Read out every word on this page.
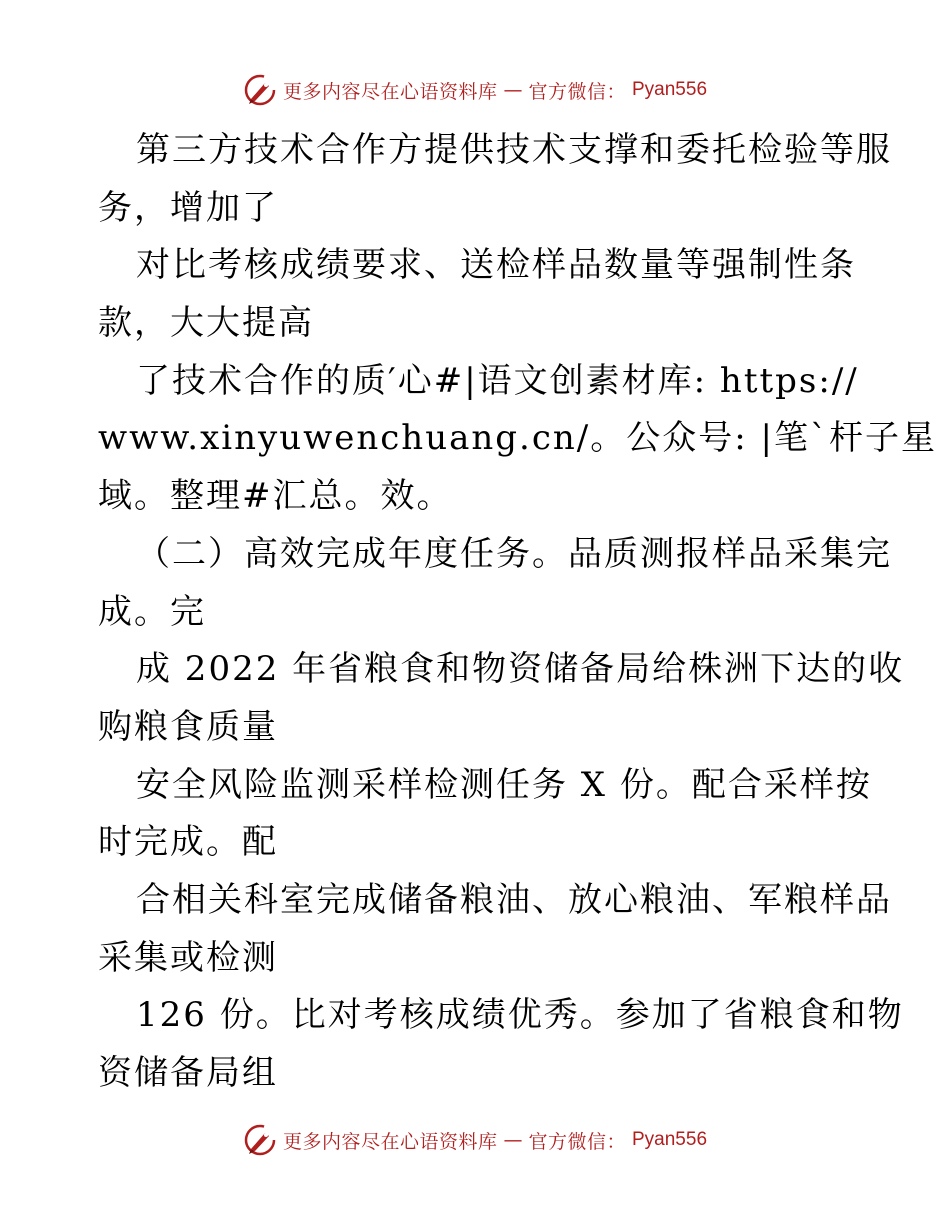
更多内容尽在心语资料库 — 官方微信： Pyan556
第三方技术合作方提供技术支撑和委托检验等服
务，增加了
对比考核成绩要求、送检样品数量等强制性条
款，大大提高
了技术合作的质′心#|语文创素材库: https://
www.xinyuwenchuang.cn/。公众号: |笔`杆子星
域。整理#汇总。效。
（二）高效完成年度任务。品质测报样品采集完
成。完
成 2022 年省粮食和物资储备局给株洲下达的收
购粮食质量
安全风险监测采样检测任务 X 份。配合采样按
时完成。配
合相关科室完成储备粮油、放心粮油、军粮样品
采集或检测
126 份。比对考核成绩优秀。参加了省粮食和物
资储备局组
更多内容尽在心语资料库 — 官方微信： Pyan556
